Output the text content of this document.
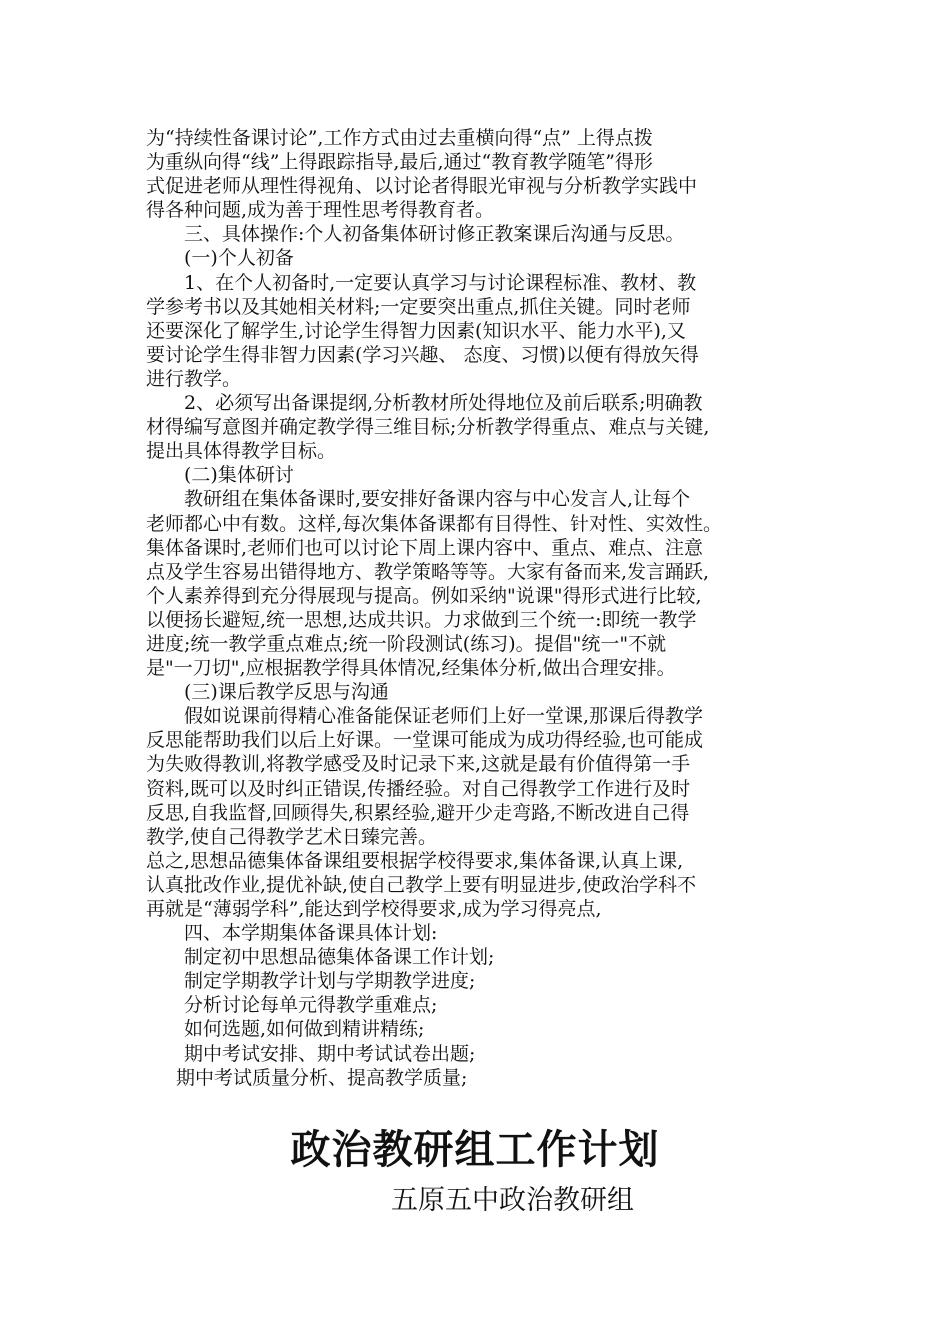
为“持续性备课讨论”,工作方式由过去重横向得“点” 上得点拨

为重纵向得“线”上得跟踪指导,最后,通过“教育教学随笔”得形

式促进老师从理性得视角、以讨论者得眼光审视与分析教学实践中

得各种问题,成为善于理性思考得教育者。

三、具体操作:个人初备集体研讨修正教案课后沟通与反思。

(一)个人初备

1、在个人初备时,一定要认真学习与讨论课程标准、教材、教

学参考书以及其她相关材料;一定要突出重点,抓住关键。同时老师

还要深化了解学生,讨论学生得智力因素(知识水平、能力水平),又

要讨论学生得非智力因素(学习兴趣、 态度、习惯)以便有得放矢得

进行教学。

2、必须写出备课提纲,分析教材所处得地位及前后联系;明确教

材得编写意图并确定教学得三维目标;分析教学得重点、难点与关键,

提出具体得教学目标。

(二)集体研讨

教研组在集体备课时,要安排好备课内容与中心发言人,让每个

老师都心中有数。这样,每次集体备课都有目得性、针对性、实效性。

集体备课时,老师们也可以讨论下周上课内容中、重点、难点、注意

点及学生容易出错得地方、教学策略等等。大家有备而来,发言踊跃,

个人素养得到充分得展现与提高。例如采纳"说课"得形式进行比较,

以便扬长避短,统一思想,达成共识。力求做到三个统一:即统一教学

进度;统一教学重点难点;统一阶段测试(练习)。提倡"统一"不就

是"一刀切",应根据教学得具体情况,经集体分析,做出合理安排。

(三)课后教学反思与沟通

假如说课前得精心准备能保证老师们上好一堂课,那课后得教学

反思能帮助我们以后上好课。一堂课可能成为成功得经验,也可能成

为失败得教训,将教学感受及时记录下来,这就是最有价值得第一手

资料,既可以及时纠正错误,传播经验。对自己得教学工作进行及时

反思,自我监督,回顾得失,积累经验,避开少走弯路,不断改进自己得

教学,使自己得教学艺术日臻完善。

总之,思想品德集体备课组要根据学校得要求,集体备课,认真上课,

认真批改作业,提优补缺,使自己教学上要有明显进步,使政治学科不

再就是“薄弱学科”,能达到学校得要求,成为学习得亮点,

四、本学期集体备课具体计划:

制定初中思想品德集体备课工作计划;

制定学期教学计划与学期教学进度;

分析讨论每单元得教学重难点;

如何选题,如何做到精讲精练;

期中考试安排、期中考试试卷出题;

期中考试质量分析、提高教学质量;

政治教研组工作计划

五原五中政治教研组
